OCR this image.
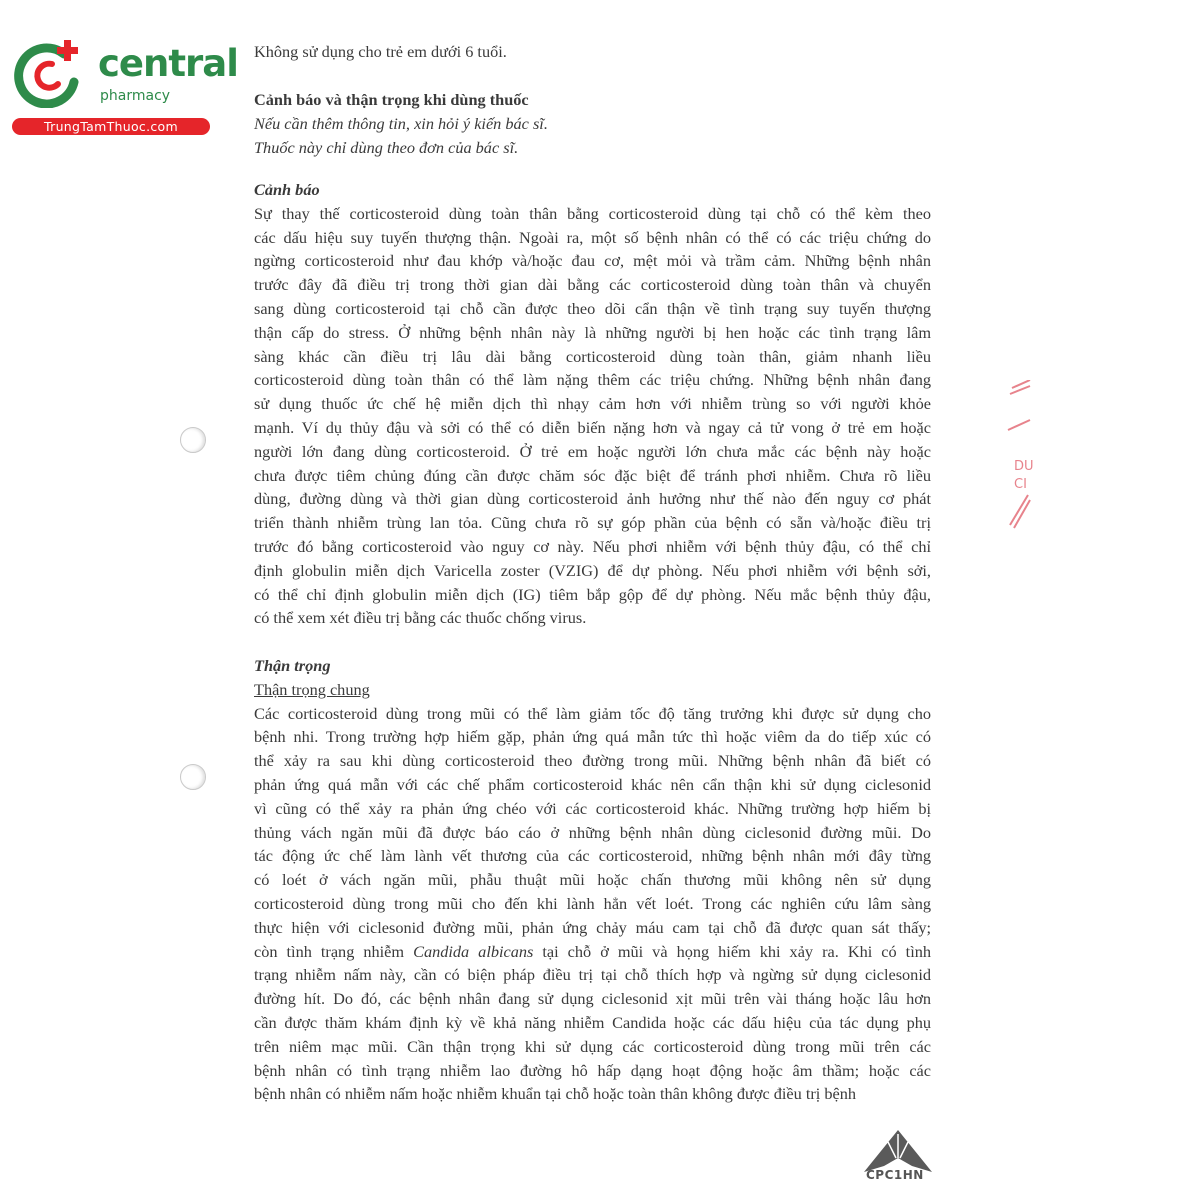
central
pharmacy
TrungTamThuoc.com
Không sử dụng cho trẻ em dưới 6 tuổi.
Cảnh báo và thận trọng khi dùng thuốc
Nếu cần thêm thông tin, xin hỏi ý kiến bác sĩ.
Thuốc này chỉ dùng theo đơn của bác sĩ.
Cảnh báo
Sự thay thế corticosteroid dùng toàn thân bằng corticosteroid dùng tại chỗ có thể kèm theo
các dấu hiệu suy tuyến thượng thận. Ngoài ra, một số bệnh nhân có thể có các triệu chứng do
ngừng corticosteroid như đau khớp và/hoặc đau cơ, mệt mỏi và trầm cảm. Những bệnh nhân
trước đây đã điều trị trong thời gian dài bằng các corticosteroid dùng toàn thân và chuyển
sang dùng corticosteroid tại chỗ cần được theo dõi cẩn thận về tình trạng suy tuyến thượng
thận cấp do stress. Ở những bệnh nhân này là những người bị hen hoặc các tình trạng lâm
sàng khác cần điều trị lâu dài bằng corticosteroid dùng toàn thân, giảm nhanh liều
corticosteroid dùng toàn thân có thể làm nặng thêm các triệu chứng. Những bệnh nhân đang
sử dụng thuốc ức chế hệ miễn dịch thì nhạy cảm hơn với nhiễm trùng so với người khỏe
mạnh. Ví dụ thủy đậu và sởi có thể có diễn biến nặng hơn và ngay cả tử vong ở trẻ em hoặc
người lớn đang dùng corticosteroid. Ở trẻ em hoặc người lớn chưa mắc các bệnh này hoặc
chưa được tiêm chủng đúng cần được chăm sóc đặc biệt để tránh phơi nhiễm. Chưa rõ liều
dùng, đường dùng và thời gian dùng corticosteroid ảnh hưởng như thế nào đến nguy cơ phát
triển thành nhiễm trùng lan tỏa. Cũng chưa rõ sự góp phần của bệnh có sẵn và/hoặc điều trị
trước đó bằng corticosteroid vào nguy cơ này. Nếu phơi nhiễm với bệnh thủy đậu, có thể chỉ
định globulin miễn dịch Varicella zoster (VZIG) để dự phòng. Nếu phơi nhiễm với bệnh sởi,
có thể chỉ định globulin miễn dịch (IG) tiêm bắp gộp để dự phòng. Nếu mắc bệnh thủy đậu,
có thể xem xét điều trị bằng các thuốc chống virus.
Thận trọng
Thận trọng chung
Các corticosteroid dùng trong mũi có thể làm giảm tốc độ tăng trưởng khi được sử dụng cho
bệnh nhi. Trong trường hợp hiếm gặp, phản ứng quá mẫn tức thì hoặc viêm da do tiếp xúc có
thể xảy ra sau khi dùng corticosteroid theo đường trong mũi. Những bệnh nhân đã biết có
phản ứng quá mẫn với các chế phẩm corticosteroid khác nên cẩn thận khi sử dụng ciclesonid
vì cũng có thể xảy ra phản ứng chéo với các corticosteroid khác. Những trường hợp hiếm bị
thủng vách ngăn mũi đã được báo cáo ở những bệnh nhân dùng ciclesonid đường mũi. Do
tác động ức chế làm lành vết thương của các corticosteroid, những bệnh nhân mới đây từng
có loét ở vách ngăn mũi, phẫu thuật mũi hoặc chấn thương mũi không nên sử dụng
corticosteroid dùng trong mũi cho đến khi lành hẳn vết loét. Trong các nghiên cứu lâm sàng
thực hiện với ciclesonid đường mũi, phản ứng chảy máu cam tại chỗ đã được quan sát thấy;
còn tình trạng nhiễm Candida albicans tại chỗ ở mũi và họng hiếm khi xảy ra. Khi có tình
trạng nhiễm nấm này, cần có biện pháp điều trị tại chỗ thích hợp và ngừng sử dụng ciclesonid
đường hít. Do đó, các bệnh nhân đang sử dụng ciclesonid xịt mũi trên vài tháng hoặc lâu hơn
cần được thăm khám định kỳ về khả năng nhiễm Candida hoặc các dấu hiệu của tác dụng phụ
trên niêm mạc mũi. Cần thận trọng khi sử dụng các corticosteroid dùng trong mũi trên các
bệnh nhân có tình trạng nhiễm lao đường hô hấp dạng hoạt động hoặc âm thầm; hoặc các
bệnh nhân có nhiễm nấm hoặc nhiễm khuẩn tại chỗ hoặc toàn thân không được điều trị bệnh
DU
CI
CPC1HN
